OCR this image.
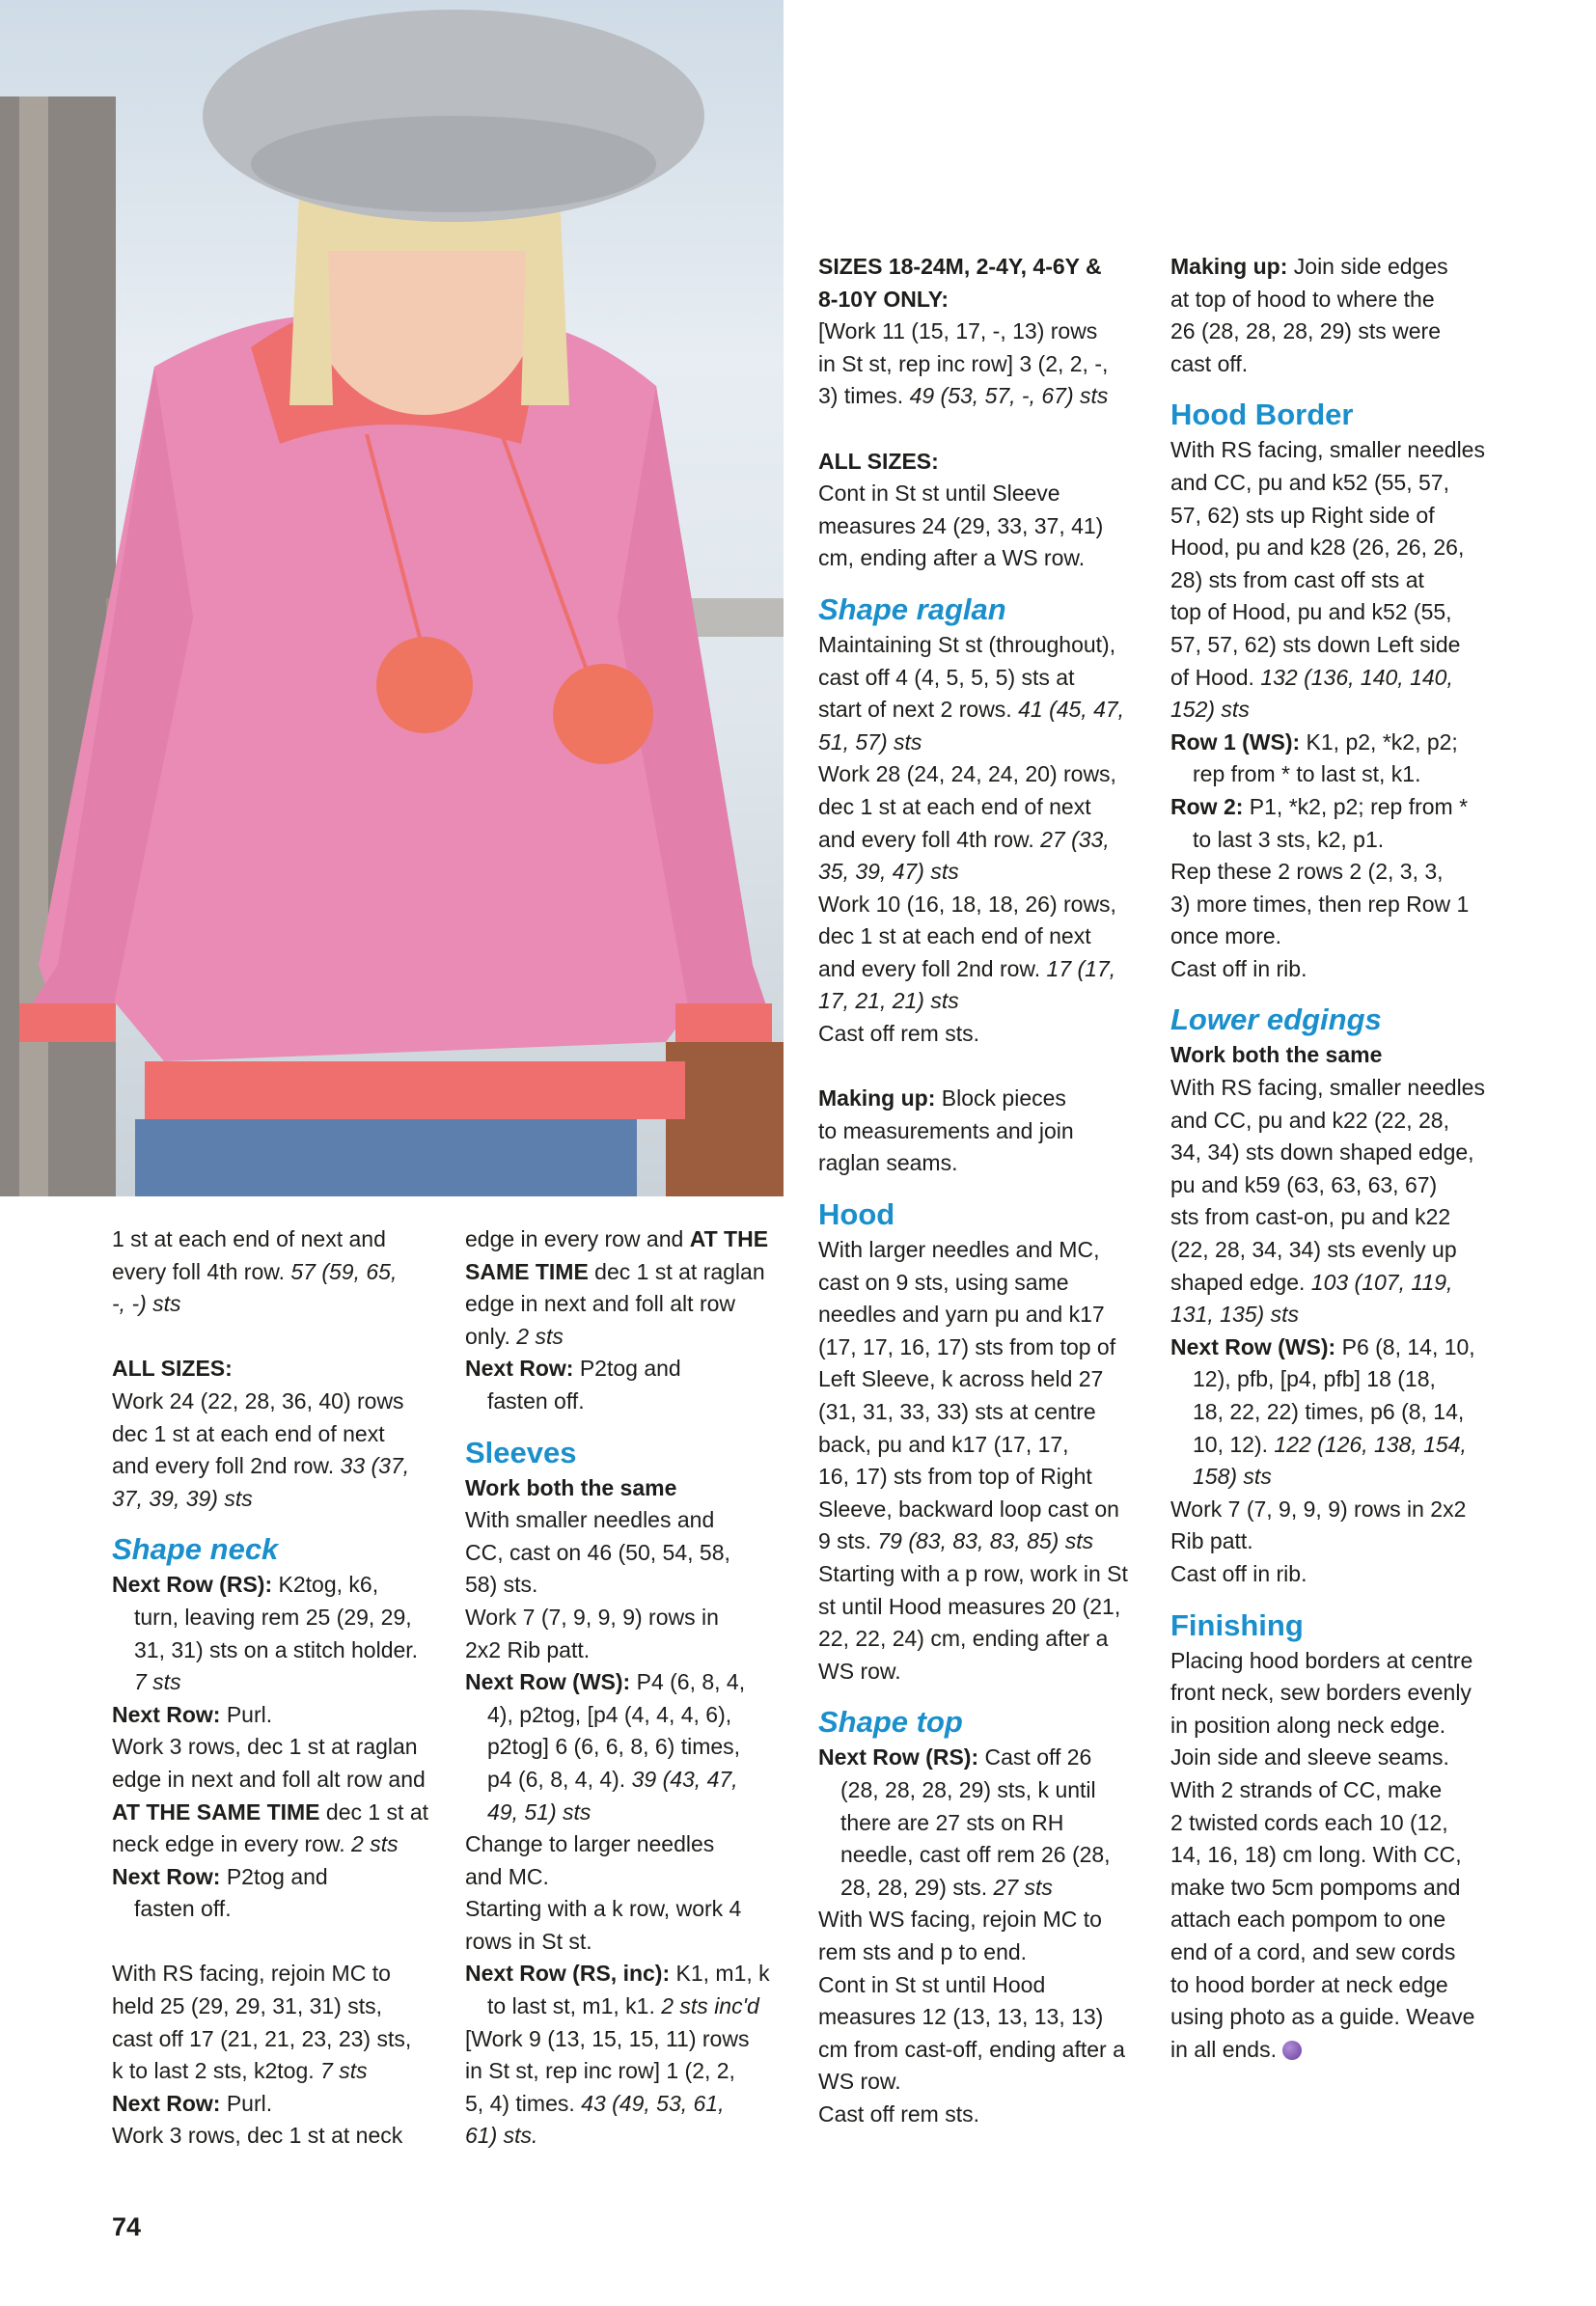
1 st at each end of next and

every foll 4th row. 57 (59, 65,

-, -) sts

ALL SIZES:

Work 24 (22, 28, 36, 40) rows

dec 1 st at each end of next

and every foll 2nd row. 33 (37,

37, 39, 39) sts

Shape neck

Next Row (RS): K2tog, k6,

turn, leaving rem 25 (29, 29,

31, 31) sts on a stitch holder.

7 sts

Next Row: Purl.

Work 3 rows, dec 1 st at raglan

edge in next and foll alt row and

AT THE SAME TIME dec 1 st at

neck edge in every row. 2 sts

Next Row: P2tog and

fasten off.

With RS facing, rejoin MC to

held 25 (29, 29, 31, 31) sts,

cast off 17 (21, 21, 23, 23) sts,

k to last 2 sts, k2tog. 7 sts

Next Row: Purl.

Work 3 rows, dec 1 st at neck

edge in every row and AT THE

SAME TIME dec 1 st at raglan

edge in next and foll alt row

only. 2 sts

Next Row: P2tog and

fasten off.

Sleeves

Work both the same

With smaller needles and

CC, cast on 46 (50, 54, 58,

58) sts.

Work 7 (7, 9, 9, 9) rows in

2x2 Rib patt.

Next Row (WS): P4 (6, 8, 4,

4), p2tog, [p4 (4, 4, 4, 6),

p2tog] 6 (6, 6, 8, 6) times,

p4 (6, 8, 4, 4). 39 (43, 47,

49, 51) sts

Change to larger needles

and MC.

Starting with a k row, work 4

rows in St st.

Next Row (RS, inc): K1, m1, k

to last st, m1, k1. 2 sts inc'd

[Work 9 (13, 15, 15, 11) rows

in St st, rep inc row] 1 (2, 2,

5, 4) times. 43 (49, 53, 61,

61) sts.

SIZES 18-24M, 2-4Y, 4-6Y &

8-10Y ONLY:

[Work 11 (15, 17, -, 13) rows

in St st, rep inc row] 3 (2, 2, -,

3) times. 49 (53, 57, -, 67) sts

ALL SIZES:

Cont in St st until Sleeve

measures 24 (29, 33, 37, 41)

cm, ending after a WS row.

Shape raglan

Maintaining St st (throughout),

cast off 4 (4, 5, 5, 5) sts at

start of next 2 rows. 41 (45, 47,

51, 57) sts

Work 28 (24, 24, 24, 20) rows,

dec 1 st at each end of next

and every foll 4th row. 27 (33,

35, 39, 47) sts

Work 10 (16, 18, 18, 26) rows,

dec 1 st at each end of next

and every foll 2nd row. 17 (17,

17, 21, 21) sts

Cast off rem sts.

Making up: Block pieces

to measurements and join

raglan seams.

Hood

With larger needles and MC,

cast on 9 sts, using same

needles and yarn pu and k17

(17, 17, 16, 17) sts from top of

Left Sleeve, k across held 27

(31, 31, 33, 33) sts at centre

back, pu and k17 (17, 17,

16, 17) sts from top of Right

Sleeve, backward loop cast on

9 sts. 79 (83, 83, 83, 85) sts

Starting with a p row, work in St

st until Hood measures 20 (21,

22, 22, 24) cm, ending after a

WS row.

Shape top

Next Row (RS): Cast off 26

(28, 28, 28, 29) sts, k until

there are 27 sts on RH

needle, cast off rem 26 (28,

28, 28, 29) sts. 27 sts

With WS facing, rejoin MC to

rem sts and p to end.

Cont in St st until Hood

measures 12 (13, 13, 13, 13)

cm from cast-off, ending after a

WS row.

Cast off rem sts.

Making up: Join side edges

at top of hood to where the

26 (28, 28, 28, 29) sts were

cast off.

Hood Border

With RS facing, smaller needles

and CC, pu and k52 (55, 57,

57, 62) sts up Right side of

Hood, pu and k28 (26, 26, 26,

28) sts from cast off sts at

top of Hood, pu and k52 (55,

57, 57, 62) sts down Left side

of Hood. 132 (136, 140, 140,

152) sts

Row 1 (WS): K1, p2, *k2, p2;

rep from * to last st, k1.

Row 2: P1, *k2, p2; rep from *

to last 3 sts, k2, p1.

Rep these 2 rows 2 (2, 3, 3,

3) more times, then rep Row 1

once more.

Cast off in rib.

Lower edgings

Work both the same

With RS facing, smaller needles

and CC, pu and k22 (22, 28,

34, 34) sts down shaped edge,

pu and k59 (63, 63, 63, 67)

sts from cast-on, pu and k22

(22, 28, 34, 34) sts evenly up

shaped edge. 103 (107, 119,

131, 135) sts

Next Row (WS): P6 (8, 14, 10,

12), pfb, [p4, pfb] 18 (18,

18, 22, 22) times, p6 (8, 14,

10, 12). 122 (126, 138, 154,

158) sts

Work 7 (7, 9, 9, 9) rows in 2x2

Rib patt.

Cast off in rib.

Finishing

Placing hood borders at centre

front neck, sew borders evenly

in position along neck edge.

Join side and sleeve seams.

With 2 strands of CC, make

2 twisted cords each 10 (12,

14, 16, 18) cm long. With CC,

make two 5cm pompoms and

attach each pompom to one

end of a cord, and sew cords

to hood border at neck edge

using photo as a guide. Weave

in all ends.

74
